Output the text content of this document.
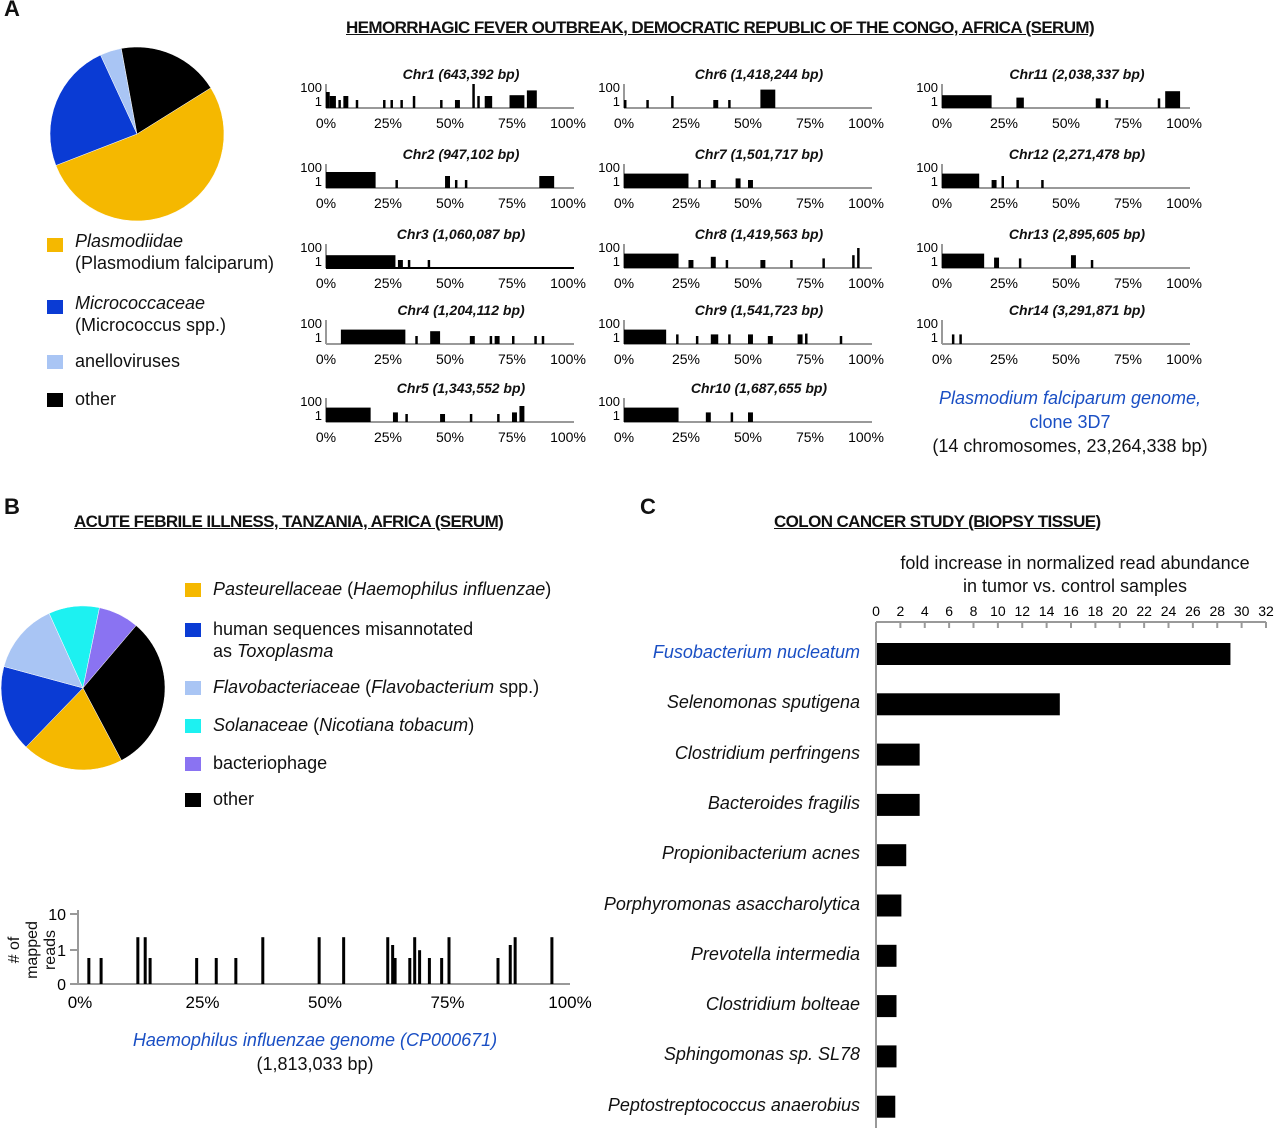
A
HEMORRHAGIC FEVER OUTBREAK, DEMOCRATIC REPUBLIC OF THE CONGO, AFRICA (SERUM)
Plasmodiidae
(Plasmodium falciparum)
Micrococcaceae
(Micrococcus spp.)
anelloviruses
other
Chr1 (643,392 bp)
100
1
0%	25% 50% 75% 100%
Chr2 (947,102 bp)
100
1
0%	25% 50% 75% 100%
Chr3 (1,060,087 bp)
100
1
0%	25% 50% 75% 100%
Chr4 (1,204,112 bp)
100
1
0%	25% 50% 75% 100%
Chr5 (1,343,552 bp)
100
1
0%	25% 50% 75% 100%
Chr6 (1,418,244 bp)
100
1
0%	25% 50% 75% 100%
Chr7 (1,501,717 bp)
100
1
0%	25% 50% 75% 100%
Chr8 (1,419,563 bp)
100
1
0%	25% 50% 75% 100%
Chr9 (1,541,723 bp)
100
1
0%	25% 50% 75% 100%
Chr10 (1,687,655 bp)
100
1
0%	25% 50% 75% 100%
Chr11 (2,038,337 bp)
100
1
0%	25% 50% 75% 100%
Chr12 (2,271,478 bp)
100
1
0%	25% 50% 75% 100%
Chr13 (2,895,605 bp)
100
1
0%	25% 50% 75% 100%
Chr14 (3,291,871 bp)
100
1
0%	25% 50% 75% 100%
Plasmodium falciparum genome,
clone 3D7
(14 chromosomes, 23,264,338 bp)
B
ACUTE FEBRILE ILLNESS, TANZANIA, AFRICA (SERUM)
Pasteurellaceae (Haemophilus influenzae)
human sequences misannotated
as Toxoplasma
Flavobacteriaceae (Flavobacterium spp.)
Solanaceae (Nicotiana tobacum)
bacteriophage
other
# of mapped reads
10
1
0
0%	25%	50%	75%	100%
Haemophilus influenzae genome (CP000671)
(1,813,033 bp)
C
COLON CANCER STUDY (BIOPSY TISSUE)
fold increase in normalized read abundance
in tumor vs. control samples
0 2 4 6 8 10 12 14 16 18 20 22 24 26 28 30 32
Fusobacterium nucleatum
Selenomonas sputigena
Clostridium perfringens
Bacteroides fragilis
Propionibacterium acnes
Porphyromonas asaccharolytica
Prevotella intermedia
Clostridium bolteae
Sphingomonas sp. SL78
Peptostreptococcus anaerobius
